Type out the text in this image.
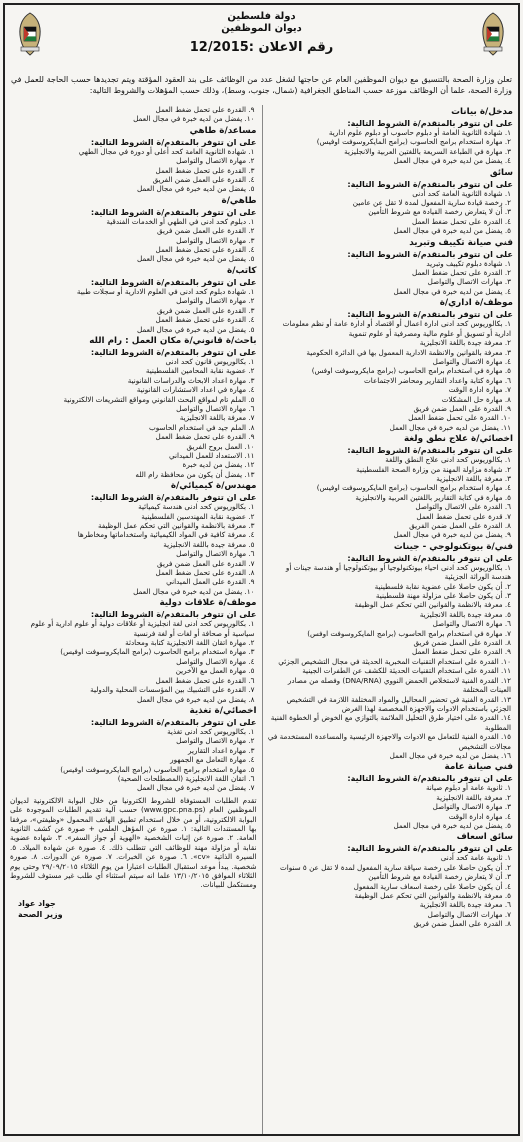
دولة فلسطين
ديوان الموظفين
رقم الاعلان :12/2015
تعلن وزارة الصحة بالتنسيق مع ديوان الموظفين العام عن حاجتها لشغل عدد من الوظائف على بند العقود المؤقتة ويتم تجديدها حسب الحاجة للعمل في وزارة الصحة، علما أن الوظائف موزعة حسب المناطق الجغرافية (شمال، جنوب، وسط)، وذلك حسب المؤهلات والشروط التالية:
مدخل/ة بيانات
على ان تتوفر بالمتقدم/ة الشروط التالية:
١. شهادة الثانوية العامة أو دبلوم حاسوب أو دبلوم علوم ادارية
٢. مهارة استخدام برامج الحاسوب (برامج المايكروسوفت اوفيس)
٣. مهارة في الطباعة السريعة باللغتين العربية والانجليزية
٤. يفضل من لديه خبرة في مجال العمل
سائق
على ان تتوفر بالمتقدم/ة الشروط التالية:
١. شهادة الثانوية العامة كحد أدنى
٢. رخصة قيادة سارية المفعول لمدة لا تقل عن عامين
٣. أن لا يتعارض رخصة القيادة مع شروط التأمين
٤. القدرة على تحمل ضغط العمل
٥. يفضل من لديه خبرة في مجال العمل
فني صيانة تكييف وتبريد
على ان تتوفر بالمتقدم/ة الشروط التالية:
١. شهادة دبلوم تكييف وتبريد
٢. القدرة على تحمل ضغط العمل
٣. مهارات الاتصال والتواصل
٤. يفضل من لديه خبرة في مجال العمل
موظف/ة اداري/ة
على ان تتوفر بالمتقدم/ة الشروط التالية:
١. بكالوريوس كحد ادنى ادارة اعمال أو اقتصاد أو ادارة عامة أو نظم معلومات ادارية أو تسويق أو علوم مالية ومصرفية أو علوم تنموية
٢. معرفة جيدة باللغة الانجليزية
٣. معرفة بالقوانين والانظمة الادارية المعمول بها في الدائرة الحكومية
٤. مهارة الاتصال والتواصل
٥. مهارة في استخدام برامج الحاسوب (برامج مايكروسوفت اوفس)
٦. مهارة كتابة واعداد التقارير ومحاضر الاجتماعات
٧. مهارة ادارة الوقت
٨. مهارة حل المشكلات
٩. القدرة على العمل ضمن فريق
١٠. القدرة على تحمل ضغط العمل
١١. يفضل من لديه خبرة في مجال العمل
اخصائي/ة علاج نطق ولغة
على ان تتوفر بالمتقدم/ة الشروط التالية:
١. بكالوريوس كحد ادنى علاج النطق واللغة
٢. شهادة مزاولة المهنة من وزارة الصحة الفلسطينية
٣. معرفة باللغة الانجليزية
٤. مهارة استخدام برامج الحاسوب (برامج المايكروسوفت اوفيس)
٥. مهارة في كتابة التقارير باللغتين العربية والانجليزية
٦. القدرة على الاتصال والتواصل
٧. قدرة على تحمل ضغط العمل
٨. القدرة على العمل ضمن الفريق
٩. يفضل من لديه خبرة في مجال العمل
فني/ة بيوتكنولوجي - جينات
على ان تتوفر بالمتقدم/ة الشروط التالية:
١. بكالوريوس كحد ادنى احياء بيوتكنولوجيا أو بيوتكنولوجيا أو هندسة جينات أو هندسة الوراثة الجزيئية
٢. أن يكون حاصلا على عضوية نقابة فلسطينية
٣. أن يكون حاصلا على مزاولة مهنة فلسطينية
٤. معرفة بالانظمة والقوانين التي تحكم عمل الوظيفة
٥. معرفة جيدة باللغة الانجليزية
٦. مهارة الاتصال والتواصل
٧. مهارة في استخدام برامج الحاسوب (برامج المايكروسوفت اوفس)
٨. القدرة على العمل ضمن فريق
٩. القدرة على تحمل ضغط العمل
١٠. القدرة على استخدام التقنيات المخبرية الحديثة في مجال التشخيص الجزئي
١١. القدرة على استخدام التقنيات الحديثة للكشف عن الطفرات الجينية
١٢. القدرة الفنية لاستخلاص الحمض النووي (DNA/RNA) وفصله من مصادر العينات المختلفة
١٣. القدرة الفنية في تحضير المحاليل والمواد المختلفة اللازمة في التشخيص الجزئي باستخدام الادوات والاجهزة المخصصة لهذا الغرض
١٤. القدرة على اختيار طرق التحليل الملائمة بالتوازي مع الخوض أو الخطوة الفنية المطلوبة
١٥. القدرة الفنية للتعامل مع الادوات والاجهزة الرئيسية والمساعدة المستخدمة في مجالات التشخيص
١٦. يفضل من لديه خبرة في مجال العمل
فني صيانة عامة
على ان تتوفر بالمتقدم/ة الشروط التالية:
١. ثانوية عامة أو دبلوم صيانة
٢. معرفة باللغة الانجليزية
٣. مهارة الاتصال والتواصل
٤. مهارة ادارة الوقت
٥. يفضل من لديه خبرة في مجال العمل
سائق اسعاف
على ان تتوفر بالمتقدم/ة الشروط التالية:
١. ثانوية عامة كحد أدنى
٢. أن يكون حاصلا على رخصة سياقة سارية المفعول لمدة لا تقل عن ٥ سنوات
٣. أن لا يتعارض رخصة القيادة مع شروط التأمين
٤. أن يكون حاصلا على رخصة اسعاف سارية المفعول
٥. معرفة بالانظمة والقوانين التي تحكم عمل الوظيفة
٦. معرفة جيدة باللغة الانجليزية
٧. مهارات الاتصال والتواصل
٨. القدرة على العمل ضمن فريق
٩. القدرة على تحمل ضغط العمل
١٠. يفضل من لديه خبرة في مجال العمل
مساعد/ة طاهي
على ان تتوفر بالمتقدم/ة الشروط التالية:
١. شهادة الثانوية العامة كحد أعلى أو دورة في مجال الطهي
٢. مهارة الاتصال والتواصل
٣. القدرة على تحمل ضغط العمل
٤. القدرة على العمل ضمن الفريق
٥. يفضل من لديه خبرة في مجال العمل
طاهي/ة
على ان تتوفر بالمتقدم/ة الشروط التالية:
١. دبلوم كحد ادنى في الطهي أو الخدمات الفندقية
٢. القدرة على العمل ضمن فريق
٣. مهارة الاتصال والتواصل
٤. القدرة على تحمل ضغط العمل
٥. يفضل من لديه خبرة في مجال العمل
كاتب/ة
على ان تتوفر بالمتقدم/ة الشروط التالية:
١. شهادة دبلوم كحد ادنى في العلوم الادارية أو سجلات طبية
٢. مهارة الاتصال والتواصل
٣. القدرة على العمل ضمن فريق
٤. القدرة على تحمل ضغط العمل
٥. يفضل من لديه خبرة في مجال العمل
باحث/ة قانوني/ة مكان العمل : رام الله
على ان تتوفر بالمتقدم/ة الشروط التالية:
١. بكالوريوس قانون كحد ادنى
٢. عضوية نقابة المحامين الفلسطينية
٣. مهارة اعداد الابحاث والدراسات القانونية
٤. مهارة في اعداد الاستشارات القانونية
٥. الملم تام لمواقع البحث القانوني ومواقع التشريعات الالكترونية
٦. مهارة الاتصال والتواصل
٧. معرفة باللغة الانجليزية
٨. الملم جيد في استخدام الحاسوب
٩. القدرة على تحمل ضغط العمل
١٠. العمل بروح الفريق
١١. الاستعداد للعمل الميداني
١٢. يفضل من لديه خبرة
١٣. يفضل أن يكون من محافظة رام الله
مهندس/ة كيميائي/ة
على ان تتوفر بالمتقدم/ة الشروط التالية:
١. بكالوريوس كحد ادنى هندسة كيميائية
٢. عضوية نقابة المهندسين الفلسطينية
٣. معرفة بالانظمة والقوانين التي تحكم عمل الوظيفة
٤. معرفة كافية في المواد الكيميائية واستخداماتها ومخاطرها
٥. معرفة جيدة باللغة الانجليزية
٦. مهارة الاتصال والتواصل
٧. القدرة على العمل ضمن فريق
٨. القدرة على تحمل ضغط العمل
٩. القدرة على العمل الميداني
١٠. يفضل من لديه خبرة في مجال العمل
موظف/ة علاقات دولية
على ان تتوفر بالمتقدم/ة الشروط التالية:
١. بكالوريوس كحد ادنى لغة انجليزية أو علاقات دولية أو علوم ادارية أو علوم سياسية أو صحافة أو لغات أو لغة فرنسية
٢. مهارة اتقان اللغة الانجليزية كتابة ومحادثة
٣. مهارة استخدام برامج الحاسوب (برامج المايكروسوفت اوفيس)
٤. مهارة الاتصال والتواصل
٥. مهارة العمل مع الآخرين
٦. القدرة على تحمل ضغط العمل
٧. القدرة على التشبيك بين المؤسسات المحلية والدولية
٨. يفضل من لديه خبرة في مجال العمل
اخصائي/ة تغذية
على ان تتوفر بالمتقدم/ة الشروط التالية:
١. بكالوريوس كحد ادنى تغذية
٢. مهارة الاتصال والتواصل
٣. مهارة اعداد التقارير
٤. مهارة التعامل مع الجمهور
٥. مهارة استخدام برامج الحاسوب (برامج المايكروسوفت اوفيس)
٦. اتقان اللغة الانجليزية (المصطلحات الصحية)
٧. يفضل من لديه خبرة في مجال العمل
تقدم الطلبات المستوفاة للشروط الكترونيا من خلال البوابة الالكترونية لديوان الموظفين العام (www.gpc.pna.ps) حسب آلية تقديم الطلبات الموجودة على البوابة الالكترونية، أو من خلال استخدام تطبيق الهاتف المحمول «وظيفتي»، مرفقا بها المستندات التالية: ١. صورة عن المؤهل العلمي + صورة عن كشف الثانوية العامة. ٢. صورة عن إثبات الشخصية «الهوية أو جواز السفر». ٣. شهادة عضوية نقابة أو مزاولة مهنة للوظائف التي تتطلب ذلك. ٤. صورة عن شهادة الميلاد. ٥. السيرة الذاتية «cv». ٦. صورة عن الخبرات. ٧. صورة عن الدورات. ٨. صورة شخصية. يبدأ موعد استقبال الطلبات اعتبارا من يوم الثلاثاء ٢٩/٠٩/٢٠١٥ وحتى يوم الثلاثاء الموافق ١٣/١٠/٢٠١٥ علما انه سيتم استثناء أي طلب غير مستوف للشروط ومستكمل للبيانات.
جواد عواد
وزير الصحة
